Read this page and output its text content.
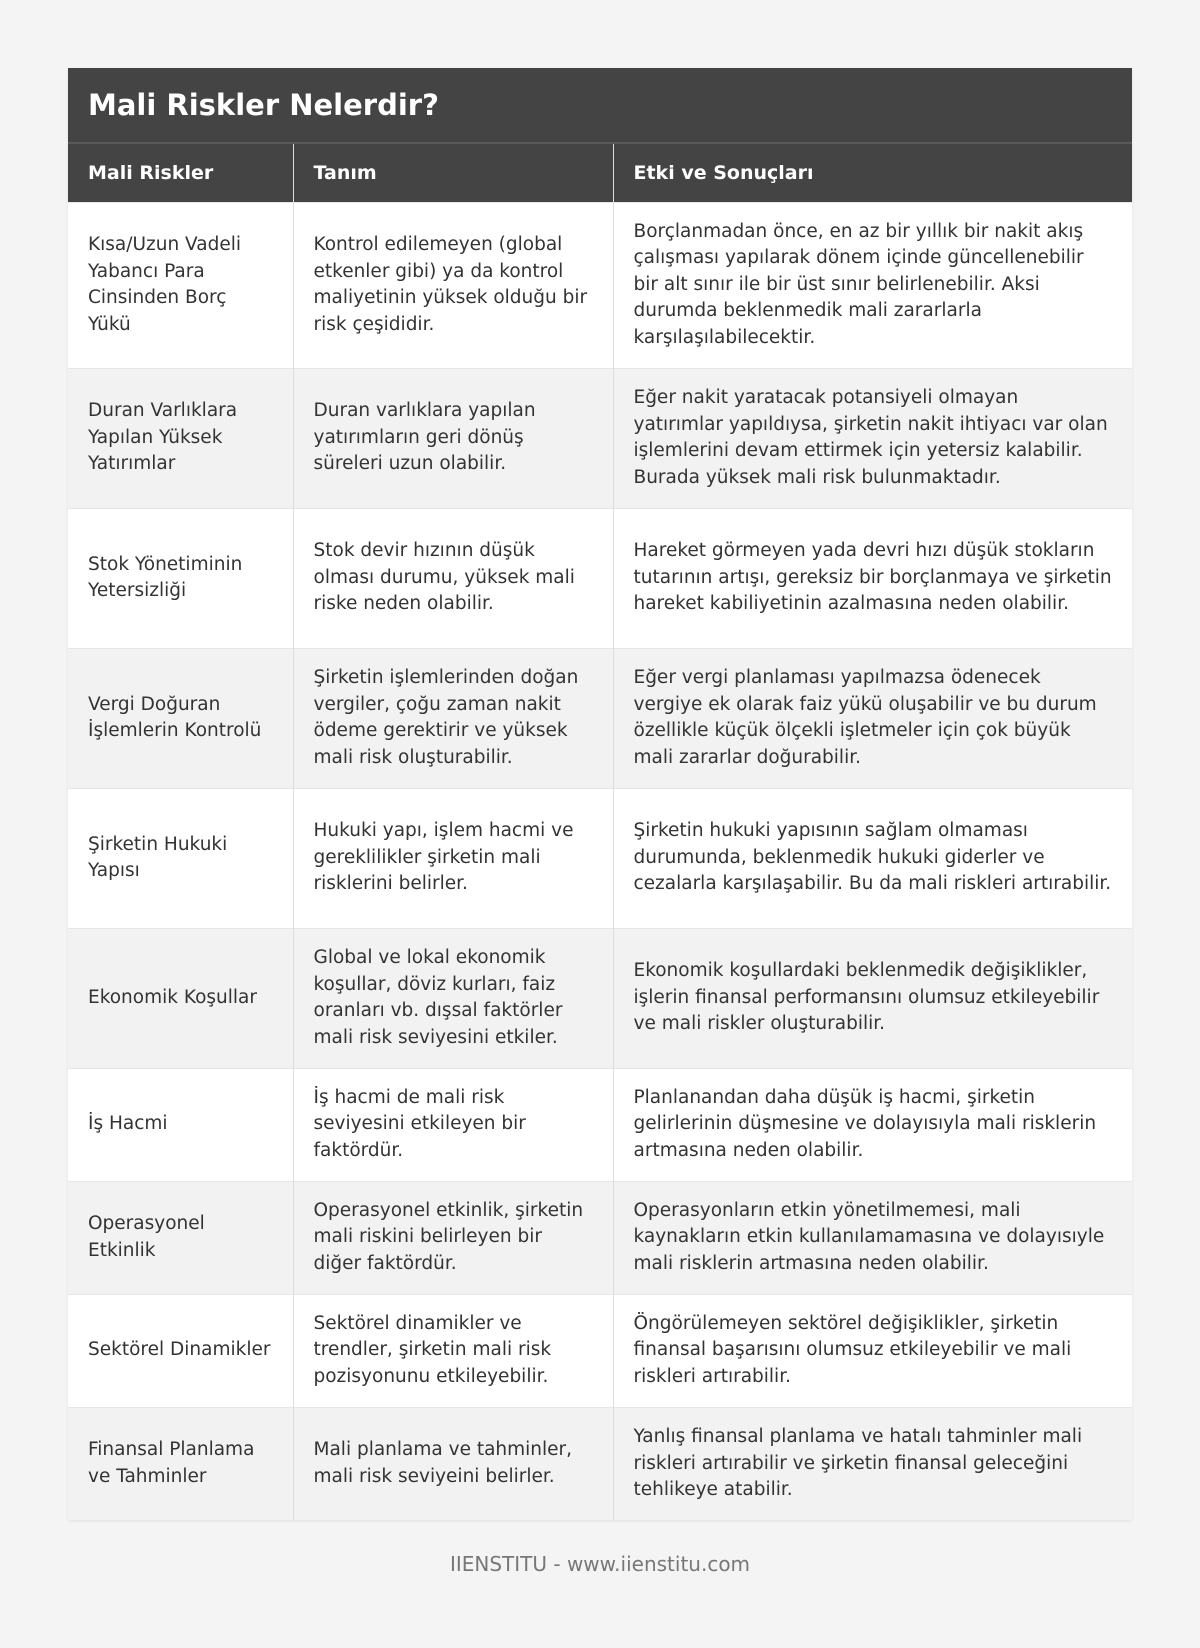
Mali Riskler Nelerdir?
Mali Riskler	Tanım	Etki ve Sonuçları
Kısa/Uzun Vadeli Yabancı Para Cinsinden Borç Yükü	Kontrol edilemeyen (global etkenler gibi) ya da kontrol maliyetinin yüksek olduğu bir risk çeşididir.	Borçlanmadan önce, en az bir yıllık bir nakit akış çalışması yapılarak dönem içinde güncellenebilir bir alt sınır ile bir üst sınır belirlenebilir. Aksi durumda beklenmedik mali zararlarla karşılaşılabilecektir.
Duran Varlıklara Yapılan Yüksek Yatırımlar	Duran varlıklara yapılan yatırımların geri dönüş süreleri uzun olabilir.	Eğer nakit yaratacak potansiyeli olmayan yatırımlar yapıldıysa, şirketin nakit ihtiyacı var olan işlemlerini devam ettirmek için yetersiz kalabilir. Burada yüksek mali risk bulunmaktadır.
Stok Yönetiminin Yetersizliği	Stok devir hızının düşük olması durumu, yüksek mali riske neden olabilir.	Hareket görmeyen yada devri hızı düşük stokların tutarının artışı, gereksiz bir borçlanmaya ve şirketin hareket kabiliyetinin azalmasına neden olabilir.
Vergi Doğuran İşlemlerin Kontrolü	Şirketin işlemlerinden doğan vergiler, çoğu zaman nakit ödeme gerektirir ve yüksek mali risk oluşturabilir.	Eğer vergi planlaması yapılmazsa ödenecek vergiye ek olarak faiz yükü oluşabilir ve bu durum özellikle küçük ölçekli işletmeler için çok büyük mali zararlar doğurabilir.
Şirketin Hukuki Yapısı	Hukuki yapı, işlem hacmi ve gereklilikler şirketin mali risklerini belirler.	Şirketin hukuki yapısının sağlam olmaması durumunda, beklenmedik hukuki giderler ve cezalarla karşılaşabilir. Bu da mali riskleri artırabilir.
Ekonomik Koşullar	Global ve lokal ekonomik koşullar, döviz kurları, faiz oranları vb. dışsal faktörler mali risk seviyesini etkiler.	Ekonomik koşullardaki beklenmedik değişiklikler, işlerin finansal performansını olumsuz etkileyebilir ve mali riskler oluşturabilir.
İş Hacmi	İş hacmi de mali risk seviyesini etkileyen bir faktördür.	Planlanandan daha düşük iş hacmi, şirketin gelirlerinin düşmesine ve dolayısıyla mali risklerin artmasına neden olabilir.
Operasyonel Etkinlik	Operasyonel etkinlik, şirketin mali riskini belirleyen bir diğer faktördür.	Operasyonların etkin yönetilmemesi, mali kaynakların etkin kullanılamamasına ve dolayısıyle mali risklerin artmasına neden olabilir.
Sektörel Dinamikler	Sektörel dinamikler ve trendler, şirketin mali risk pozisyonunu etkileyebilir.	Öngörülemeyen sektörel değişiklikler, şirketin finansal başarısını olumsuz etkileyebilir ve mali riskleri artırabilir.
Finansal Planlama ve Tahminler	Mali planlama ve tahminler, mali risk seviyeini belirler.	Yanlış finansal planlama ve hatalı tahminler mali riskleri artırabilir ve şirketin finansal geleceğini tehlikeye atabilir.
IIENSTITU - www.iienstitu.com
